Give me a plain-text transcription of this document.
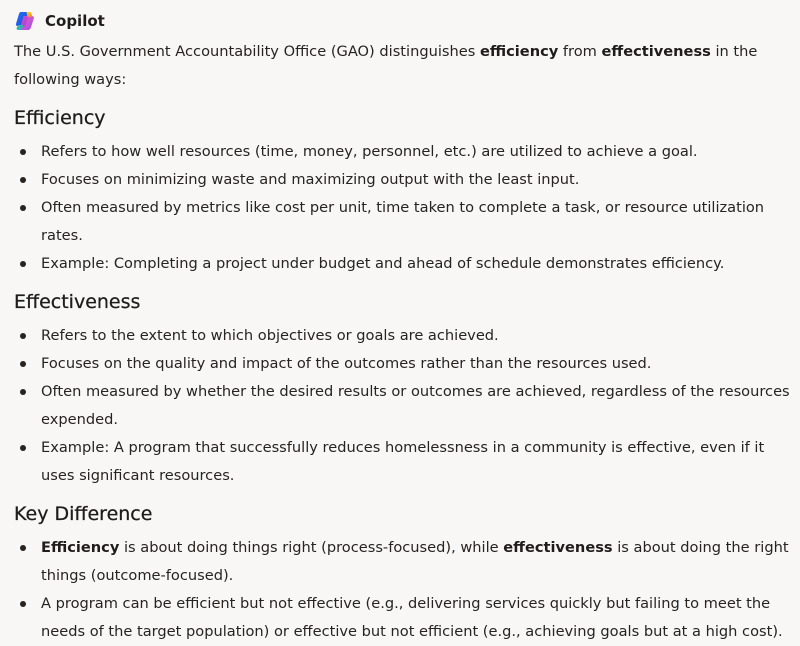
Copilot

The U.S. Government Accountability Office (GAO) distinguishes efficiency from effectiveness in the following ways:

Efficiency
Refers to how well resources (time, money, personnel, etc.) are utilized to achieve a goal.
Focuses on minimizing waste and maximizing output with the least input.
Often measured by metrics like cost per unit, time taken to complete a task, or resource utilization rates.
Example: Completing a project under budget and ahead of schedule demonstrates efficiency.
Effectiveness
Refers to the extent to which objectives or goals are achieved.
Focuses on the quality and impact of the outcomes rather than the resources used.
Often measured by whether the desired results or outcomes are achieved, regardless of the resources expended.
Example: A program that successfully reduces homelessness in a community is effective, even if it uses significant resources.
Key Difference
Efficiency is about doing things right (process-focused), while effectiveness is about doing the right things (outcome-focused).
A program can be efficient but not effective (e.g., delivering services quickly but failing to meet the needs of the target population) or effective but not efficient (e.g., achieving goals but at a high cost).
